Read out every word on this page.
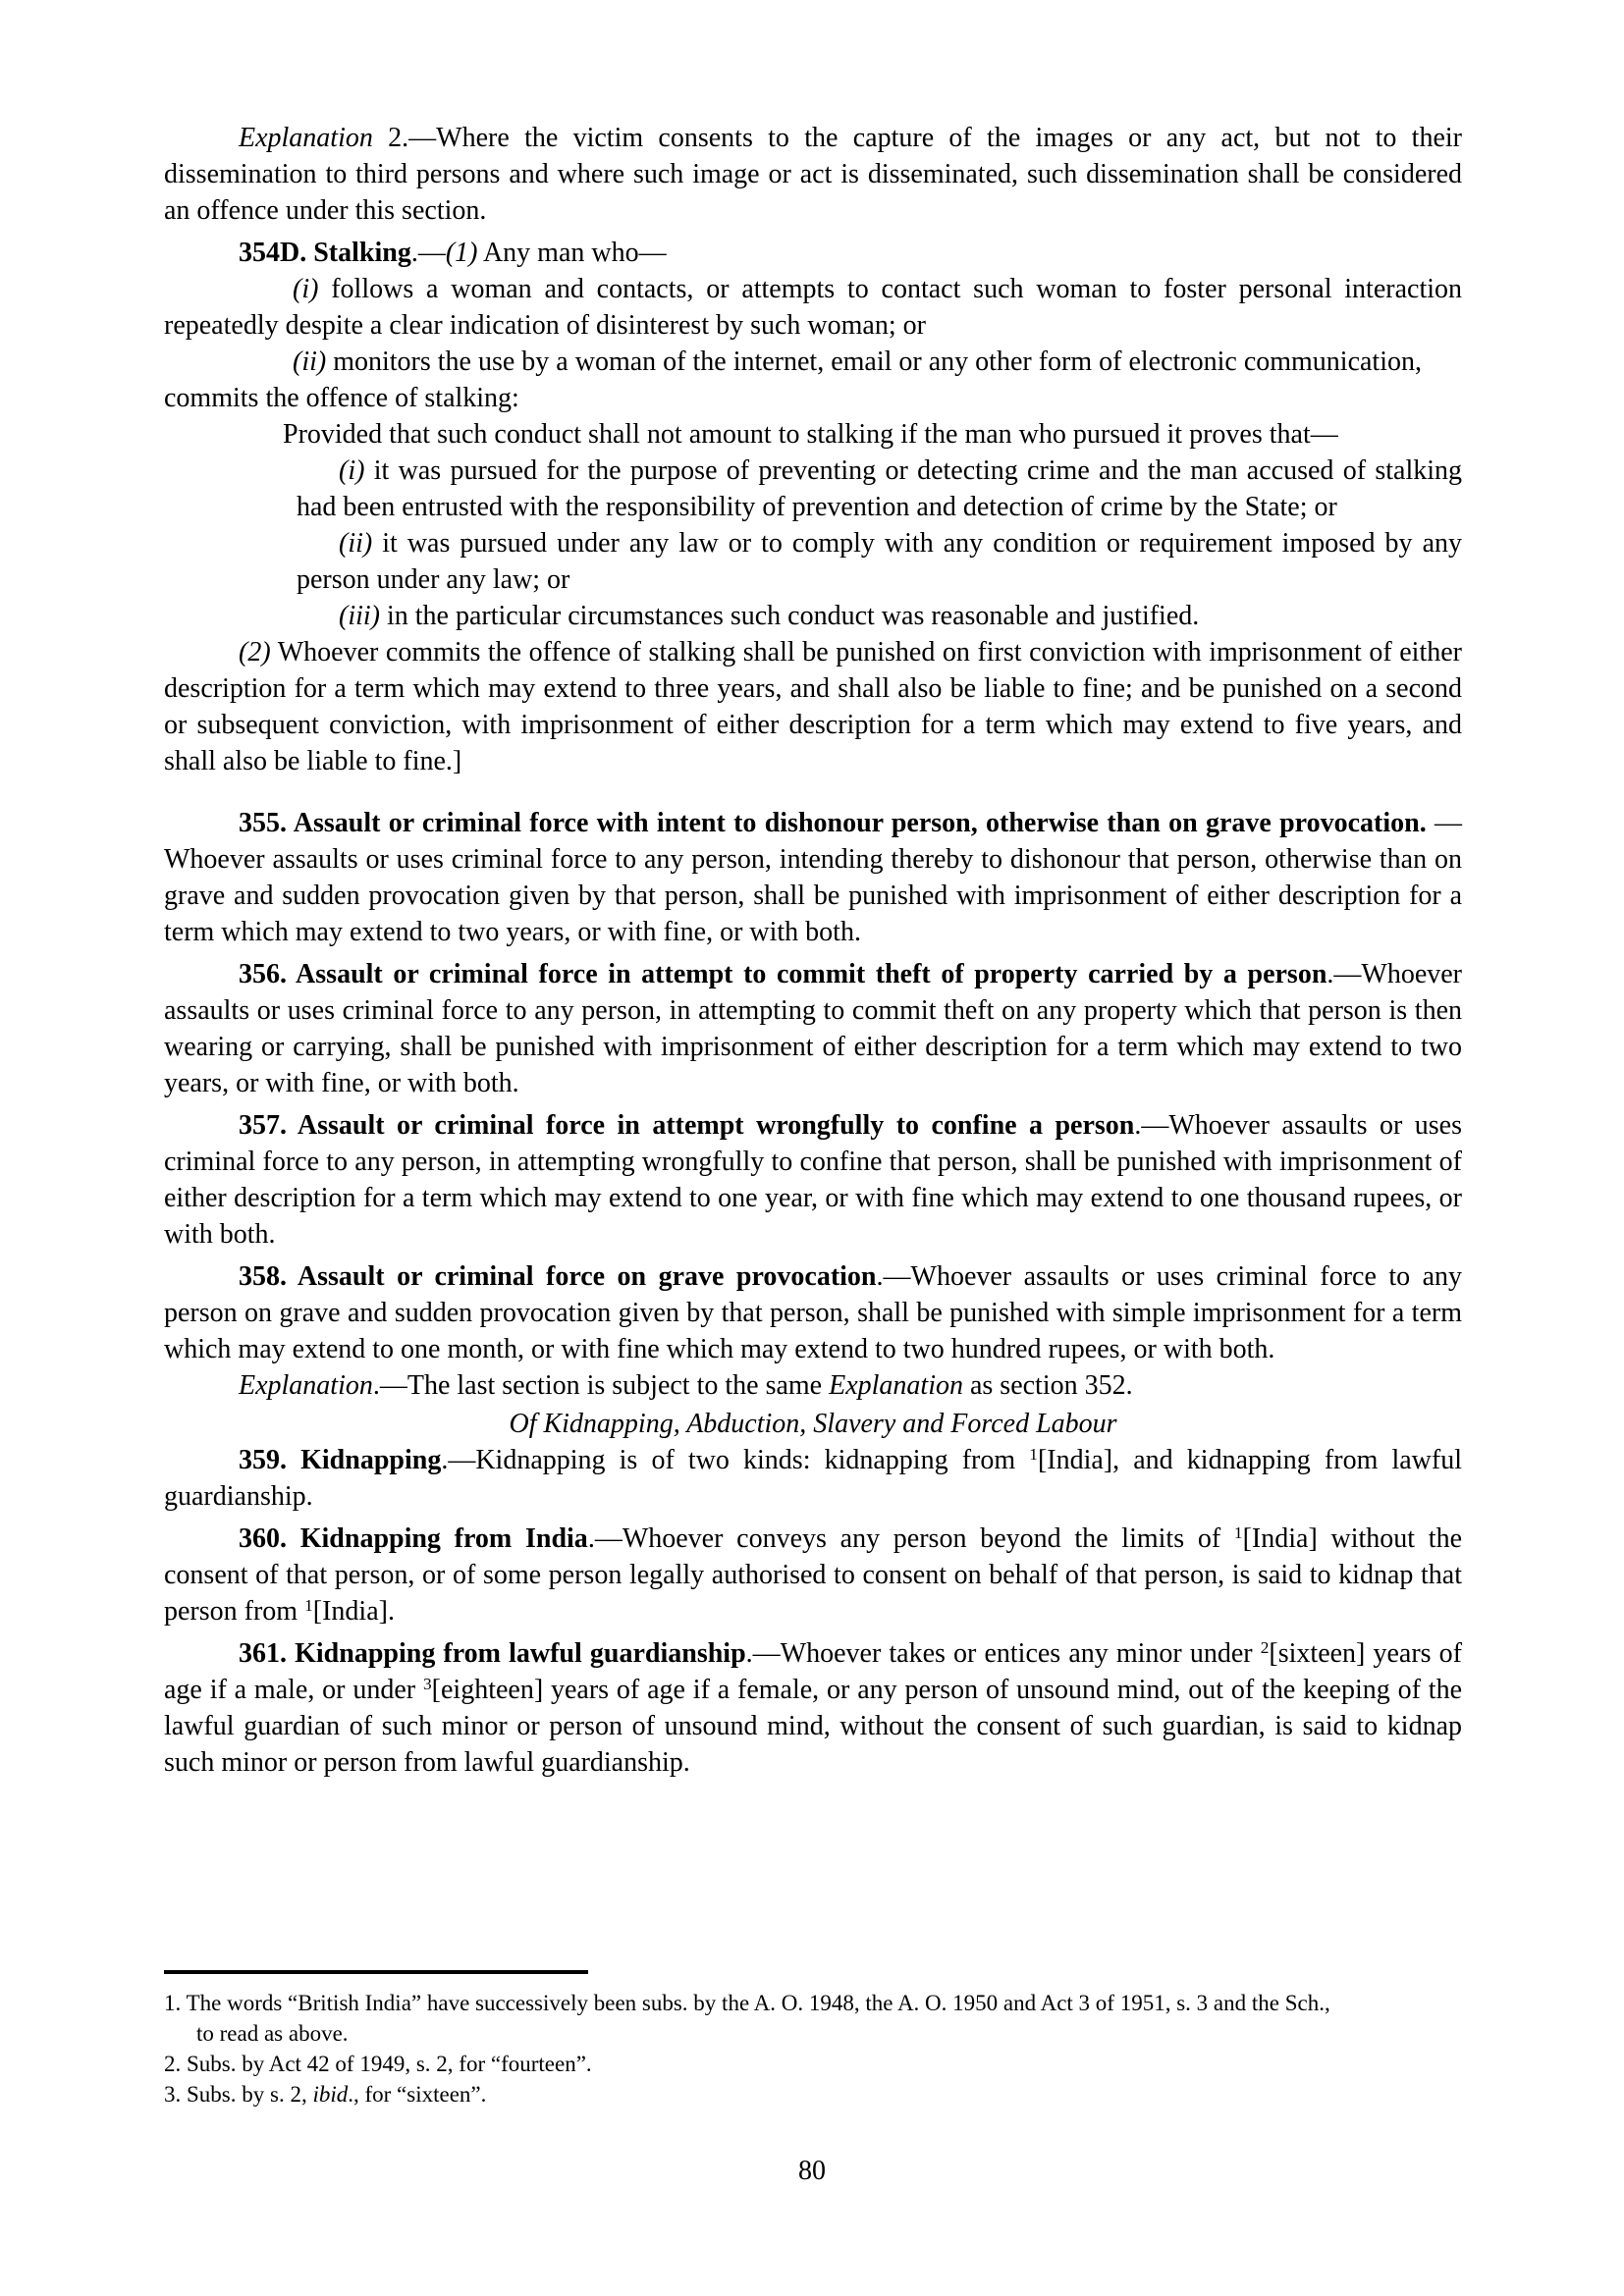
Explanation 2.—Where the victim consents to the capture of the images or any act, but not to their dissemination to third persons and where such image or act is disseminated, such dissemination shall be considered an offence under this section.

354D. Stalking.—(1) Any man who—

(i) follows a woman and contacts, or attempts to contact such woman to foster personal interaction repeatedly despite a clear indication of disinterest by such woman; or

(ii) monitors the use by a woman of the internet, email or any other form of electronic communication,

commits the offence of stalking:

Provided that such conduct shall not amount to stalking if the man who pursued it proves that—

(i) it was pursued for the purpose of preventing or detecting crime and the man accused of stalking had been entrusted with the responsibility of prevention and detection of crime by the State; or

(ii) it was pursued under any law or to comply with any condition or requirement imposed by any person under any law; or

(iii) in the particular circumstances such conduct was reasonable and justified.

(2) Whoever commits the offence of stalking shall be punished on first conviction with imprisonment of either description for a term which may extend to three years, and shall also be liable to fine; and be punished on a second or subsequent conviction, with imprisonment of either description for a term which may extend to five years, and shall also be liable to fine.]

355. Assault or criminal force with intent to dishonour person, otherwise than on grave provocation. —Whoever assaults or uses criminal force to any person, intending thereby to dishonour that person, otherwise than on grave and sudden provocation given by that person, shall be punished with imprisonment of either description for a term which may extend to two years, or with fine, or with both.

356. Assault or criminal force in attempt to commit theft of property carried by a person.—Whoever assaults or uses criminal force to any person, in attempting to commit theft on any property which that person is then wearing or carrying, shall be punished with imprisonment of either description for a term which may extend to two years, or with fine, or with both.

357. Assault or criminal force in attempt wrongfully to confine a person.—Whoever assaults or uses criminal force to any person, in attempting wrongfully to confine that person, shall be punished with imprisonment of either description for a term which may extend to one year, or with fine which may extend to one thousand rupees, or with both.

358. Assault or criminal force on grave provocation.—Whoever assaults or uses criminal force to any person on grave and sudden provocation given by that person, shall be punished with simple imprisonment for a term which may extend to one month, or with fine which may extend to two hundred rupees, or with both.

Explanation.—The last section is subject to the same Explanation as section 352.

Of Kidnapping, Abduction, Slavery and Forced Labour

359. Kidnapping.—Kidnapping is of two kinds: kidnapping from $^1$[India], and kidnapping from lawful guardianship.

360. Kidnapping from India.—Whoever conveys any person beyond the limits of $^1$[India] without the consent of that person, or of some person legally authorised to consent on behalf of that person, is said to kidnap that person from $^1$[India].

361. Kidnapping from lawful guardianship.—Whoever takes or entices any minor under $^2$[sixteen] years of age if a male, or under $^3$[eighteen] years of age if a female, or any person of unsound mind, out of the keeping of the lawful guardian of such minor or person of unsound mind, without the consent of such guardian, is said to kidnap such minor or person from lawful guardianship.

1. The words “British India” have successively been subs. by the A. O. 1948, the A. O. 1950 and Act 3 of 1951, s. 3 and the Sch.,
to read as above.

2. Subs. by Act 42 of 1949, s. 2, for “fourteen”.

3. Subs. by s. 2, ibid., for “sixteen”.

80
